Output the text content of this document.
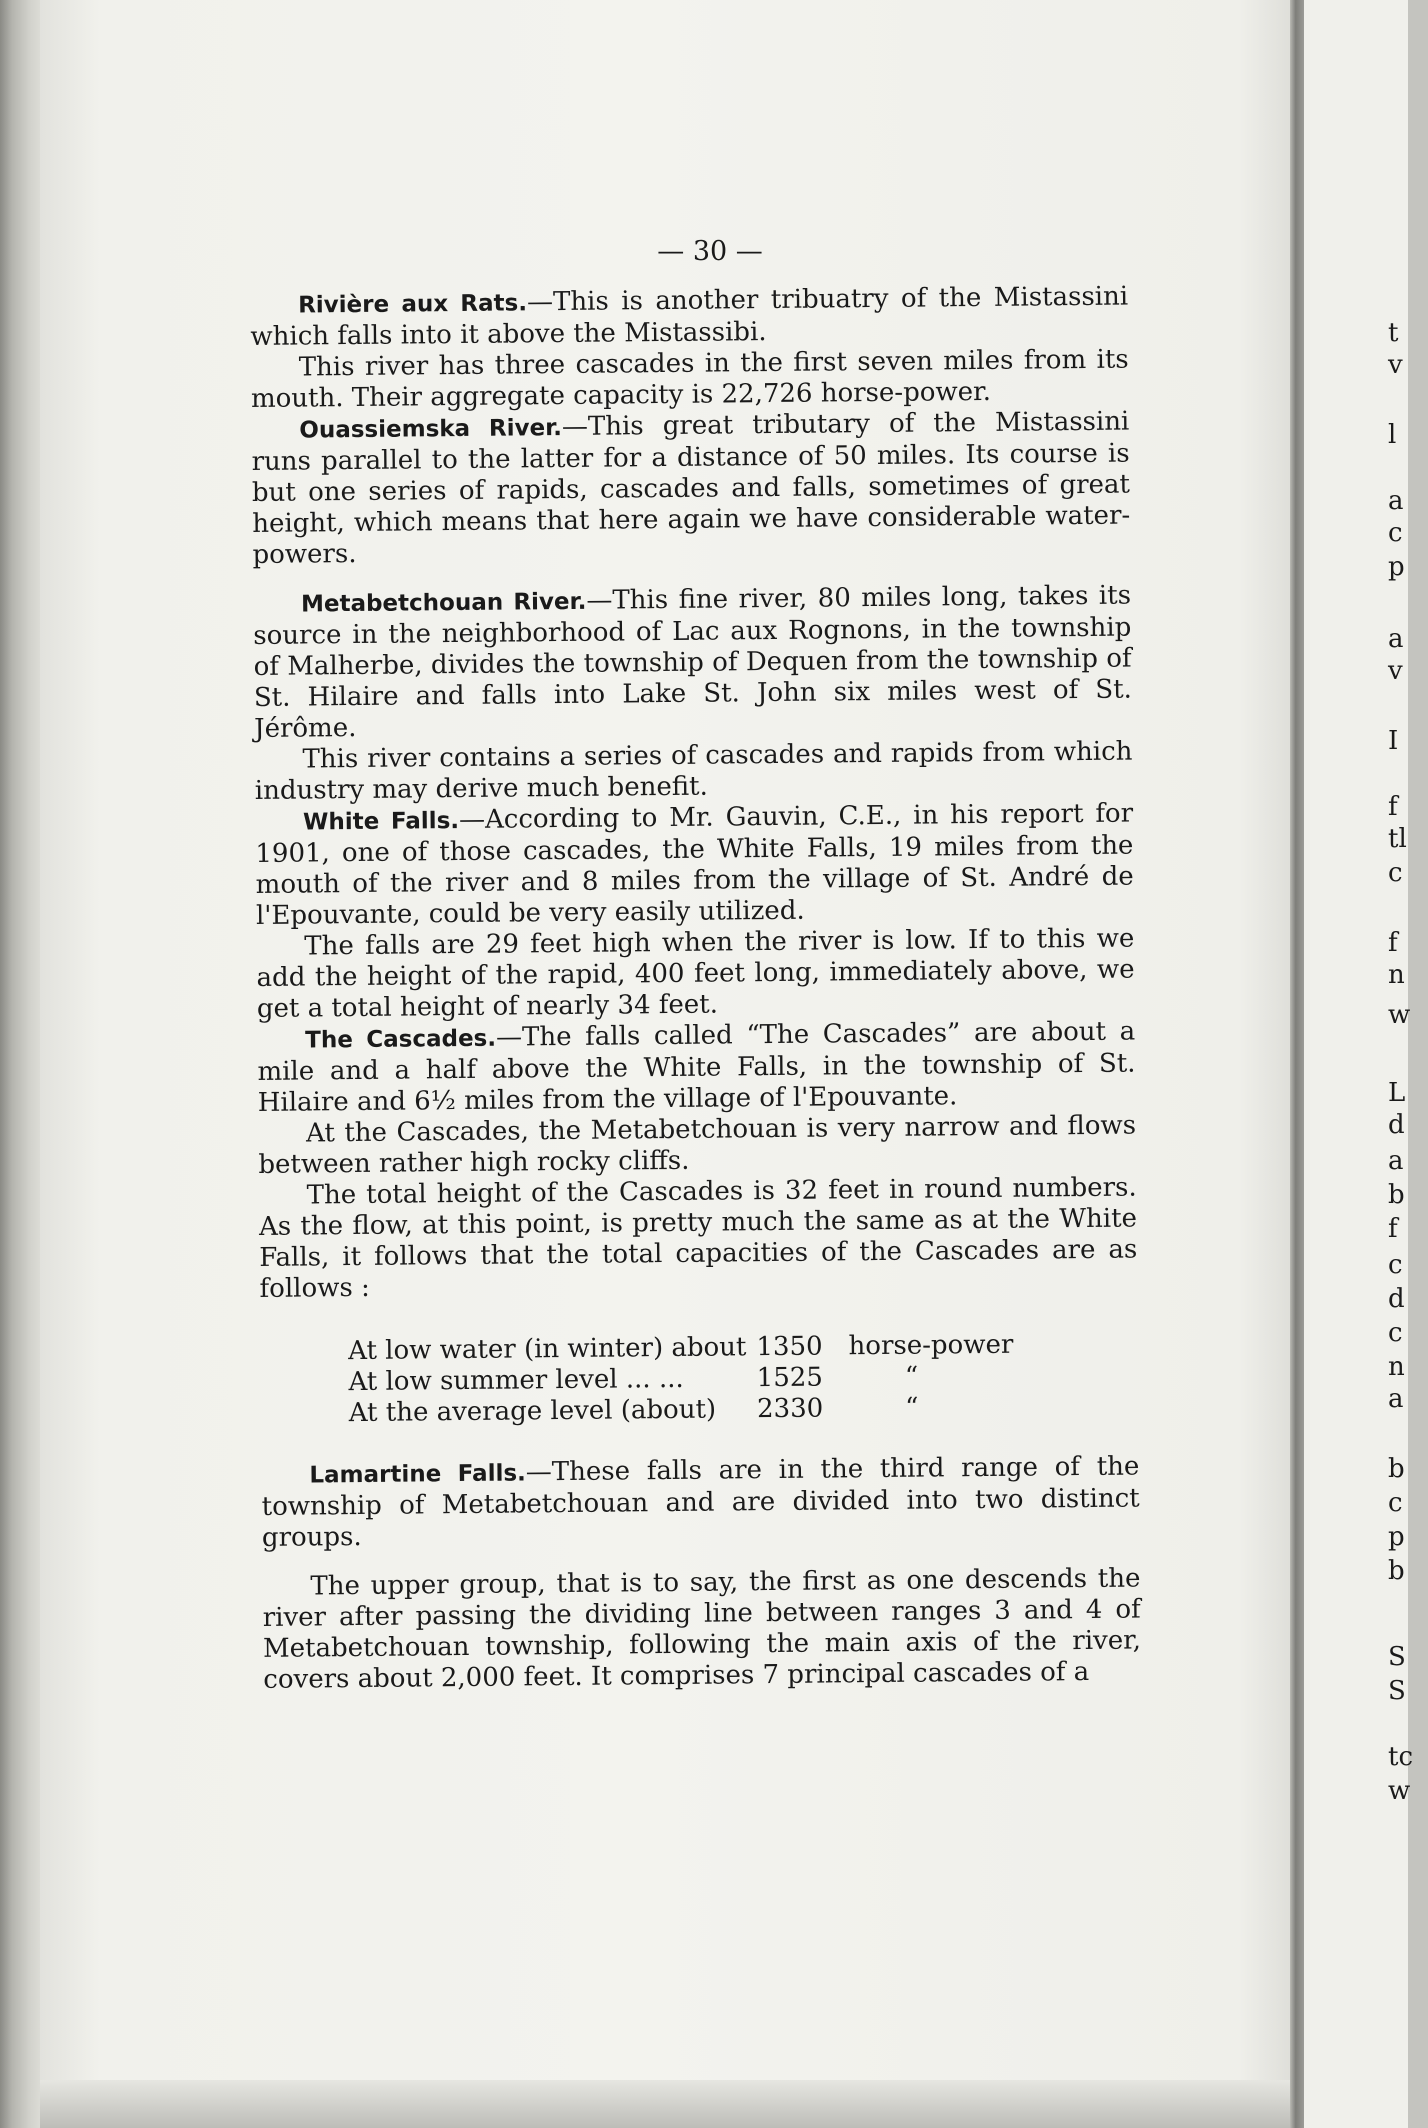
— 30 —

Rivière aux Rats.—This is another tribuatry of the Mistassini which falls into it above the Mistassibi.

This river has three cascades in the first seven miles from its mouth. Their aggregate capacity is 22,726 horse-power.

Ouassiemska River.—This great tributary of the Mistassini runs parallel to the latter for a distance of 50 miles. Its course is but one series of rapids, cascades and falls, sometimes of great height, which means that here again we have considerable water-powers.

Metabetchouan River.—This fine river, 80 miles long, takes its source in the neighborhood of Lac aux Rognons, in the township of Malherbe, divides the township of Dequen from the township of St. Hilaire and falls into Lake St. John six miles west of St. Jérôme.

This river contains a series of cascades and rapids from which industry may derive much benefit.

White Falls.—According to Mr. Gauvin, C.E., in his report for 1901, one of those cascades, the White Falls, 19 miles from the mouth of the river and 8 miles from the village of St. André de l'Epouvante, could be very easily utilized.

The falls are 29 feet high when the river is low. If to this we add the height of the rapid, 400 feet long, immediately above, we get a total height of nearly 34 feet.

The Cascades.—The falls called “The Cascades” are about a mile and a half above the White Falls, in the township of St. Hilaire and 6½ miles from the village of l'Epouvante.

At the Cascades, the Metabetchouan is very narrow and flows between rather high rocky cliffs.

The total height of the Cascades is 32 feet in round numbers. As the flow, at this point, is pretty much the same as at the White Falls, it follows that the total capacities of the Cascades are as follows :

At low water (in winter) about	1350	horse-power
At low summer level ... ...	1525	“
At the average level (about)	2330	“

Lamartine Falls.—These falls are in the third range of the township of Metabetchouan and are divided into two distinct groups.

The upper group, that is to say, the first as one descends the river after passing the dividing line between ranges 3 and 4 of Metabetchouan township, following the main axis of the river, covers about 2,000 feet. It comprises 7 principal cascades of a

t
v
l
a
c
p
a
v
I
f
tl
c
f
n
w
L
d
a
b
f
c
d
c
n
a
b
c
p
b
S
S
tc
w
